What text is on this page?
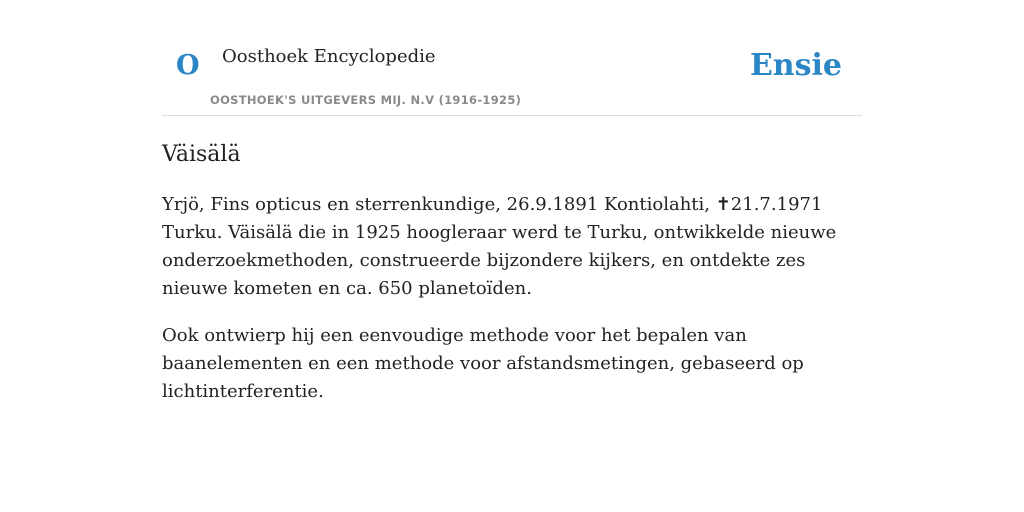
O Oosthoek Encyclopedie
OOSTHOEK'S UITGEVERS MIJ. N.V (1916-1925)
Ensie
Väisälä

Yrjö, Fins opticus en sterrenkundige, 26.9.1891 Kontiolahti, ✝21.7.1971 Turku. Väisälä die in 1925 hoogleraar werd te Turku, ontwikkelde nieuwe onderzoekmethoden, construeerde bijzondere kijkers, en ontdekte zes nieuwe kometen en ca. 650 planetoïden.

Ook ontwierp hij een eenvoudige methode voor het bepalen van baanelementen en een methode voor afstandsmetingen, gebaseerd op lichtinterferentie.
